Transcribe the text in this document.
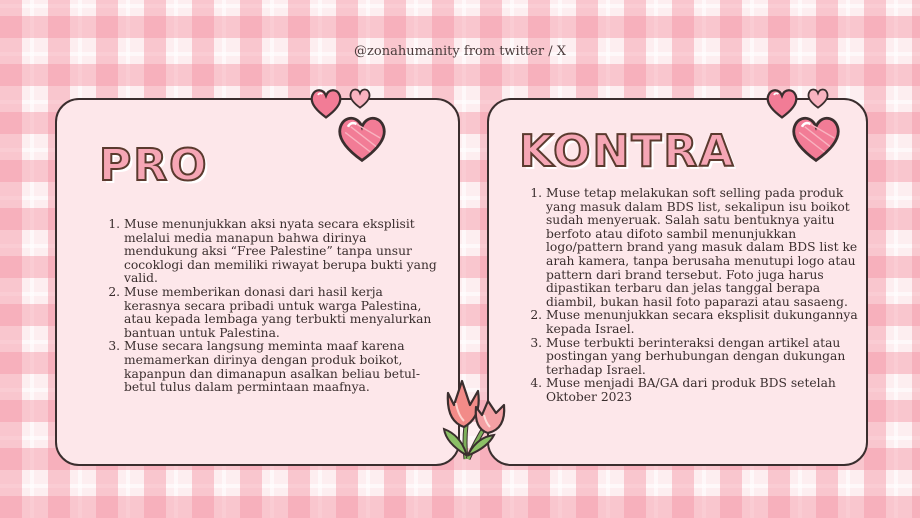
@zonahumanity from twitter / X
PRO
1. Muse menunjukkan aksi nyata secara eksplisit melalui media manapun bahwa dirinya mendukung aksi “Free Palestine” tanpa unsur cocoklogi dan memiliki riwayat berupa bukti yang valid.
2. Muse memberikan donasi dari hasil kerja kerasnya secara pribadi untuk warga Palestina, atau kepada lembaga yang terbukti menyalurkan bantuan untuk Palestina.
3. Muse secara langsung meminta maaf karena memamerkan dirinya dengan produk boikot, kapanpun dan dimanapun asalkan beliau betul-betul tulus dalam permintaan maafnya.
KONTRA
1. Muse tetap melakukan soft selling pada produk yang masuk dalam BDS list, sekalipun isu boikot sudah menyeruak. Salah satu bentuknya yaitu berfoto atau difoto sambil menunjukkan logo/pattern brand yang masuk dalam BDS list ke arah kamera, tanpa berusaha menutupi logo atau pattern dari brand tersebut. Foto juga harus dipastikan terbaru dan jelas tanggal berapa diambil, bukan hasil foto paparazi atau sasaeng.
2. Muse menunjukkan secara eksplisit dukungannya kepada Israel.
3. Muse terbukti berinteraksi dengan artikel atau postingan yang berhubungan dengan dukungan terhadap Israel.
4. Muse menjadi BA/GA dari produk BDS setelah Oktober 2023
